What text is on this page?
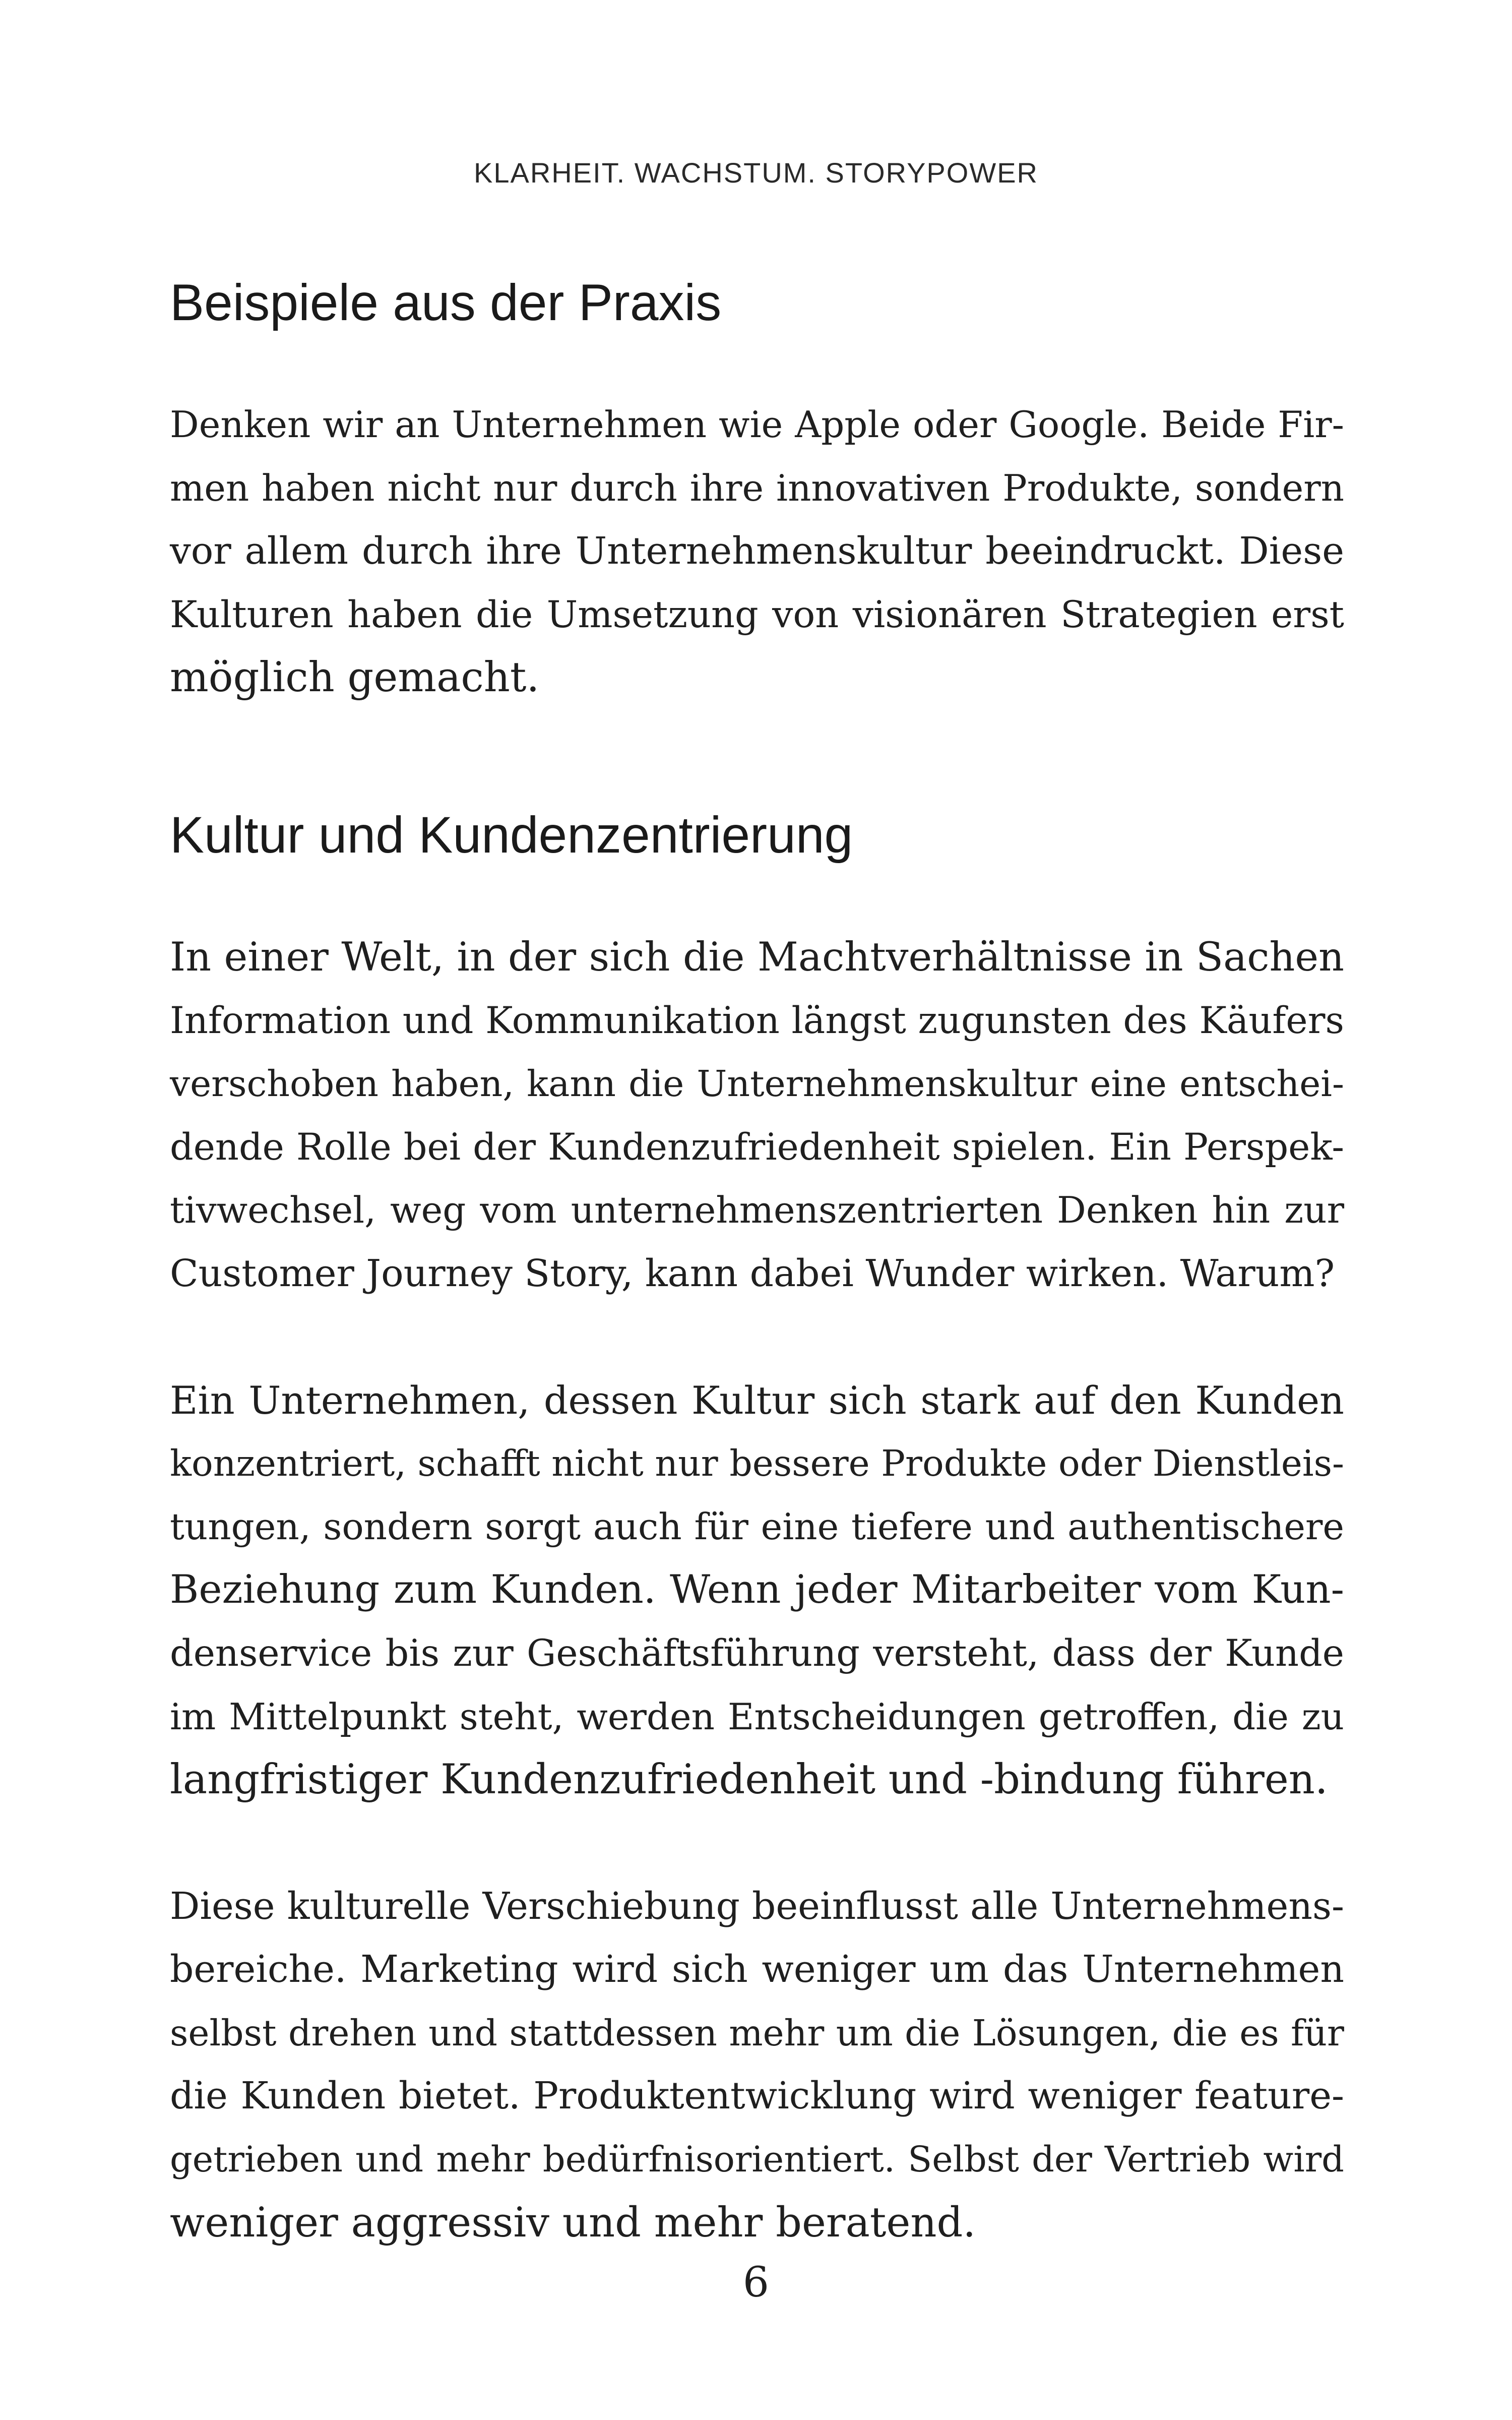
KLARHEIT. WACHSTUM. STORYPOWER
Beispiele aus der Praxis

Denken wir an Unternehmen wie Apple oder Google. Beide Fir-
men haben nicht nur durch ihre innovativen Produkte, sondern
vor allem durch ihre Unternehmenskultur beeindruckt. Diese
Kulturen haben die Umsetzung von visionären Strategien erst
möglich gemacht.

Kultur und Kundenzentrierung

In einer Welt, in der sich die Machtverhältnisse in Sachen
Information und Kommunikation längst zugunsten des Käufers
verschoben haben, kann die Unternehmenskultur eine entschei-
dende Rolle bei der Kundenzufriedenheit spielen. Ein Perspek-
tivwechsel, weg vom unternehmenszentrierten Denken hin zur
Customer Journey Story, kann dabei Wunder wirken. Warum?

Ein Unternehmen, dessen Kultur sich stark auf den Kunden
konzentriert, schafft nicht nur bessere Produkte oder Dienstleis-
tungen, sondern sorgt auch für eine tiefere und authentischere
Beziehung zum Kunden. Wenn jeder Mitarbeiter vom Kun-
denservice bis zur Geschäftsführung versteht, dass der Kunde
im Mittelpunkt steht, werden Entscheidungen getroffen, die zu
langfristiger Kundenzufriedenheit und -bindung führen.

Diese kulturelle Verschiebung beeinflusst alle Unternehmens-
bereiche. Marketing wird sich weniger um das Unternehmen
selbst drehen und stattdessen mehr um die Lösungen, die es für
die Kunden bietet. Produktentwicklung wird weniger feature-
getrieben und mehr bedürfnisorientiert. Selbst der Vertrieb wird
weniger aggressiv und mehr beratend.

6
